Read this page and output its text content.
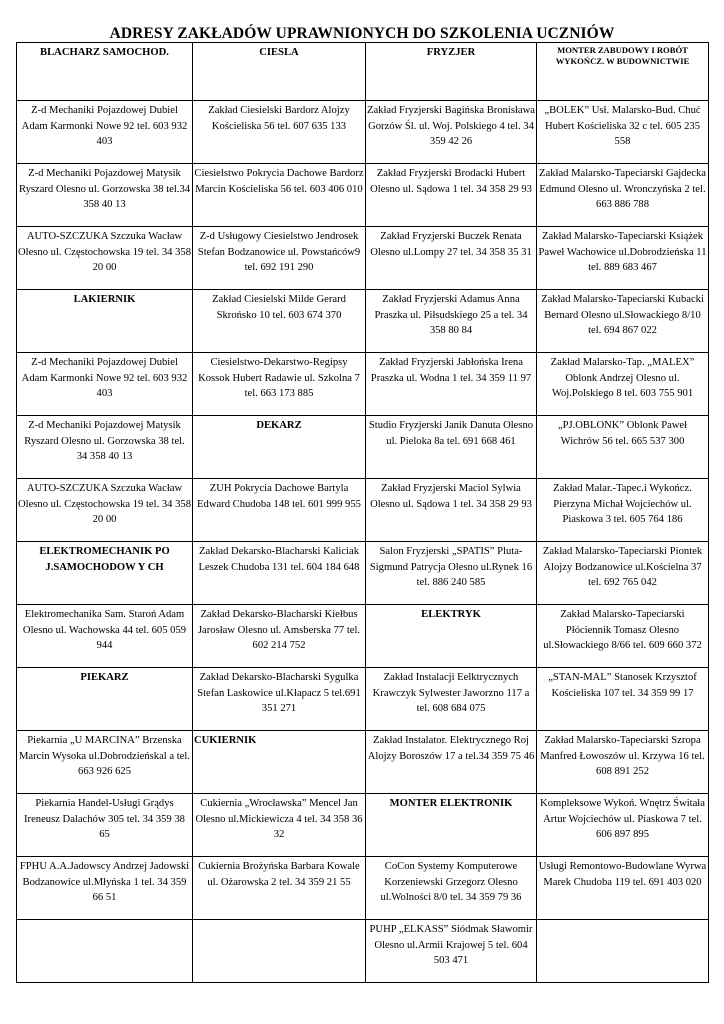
ADRESY ZAKŁADÓW UPRAWNIONYCH DO SZKOLENIA UCZNIÓW
BLACHARZ SAMOCHOD.	CIESLA	FRYZJER	MONTER ZABUDOWY I ROBÓT WYKOŃCZ. W BUDOWNICTWIE
Z-d Mechaniki Pojazdowej Dubiel Adam Karmonki Nowe 92 tel. 603 932 403	Zakład Ciesielski Bardorz Alojzy Kościeliska 56 tel. 607 635 133	Zakład Fryzjerski Bagińska Bronisława Gorzów Śl. ul. Woj. Polskiego 4 tel. 34 359 42 26	„BOLEK” Usł. Malarsko-Bud. Chuć Hubert Kościeliska 32 c tel. 605 235 558
Z-d Mechaniki Pojazdowej Matysik Ryszard Olesno ul. Gorzowska 38 tel.34 358 40 13	Ciesielstwo Pokrycia Dachowe Bardorz Marcin Kościeliska 56 tel. 603 406 010	Zakład Fryzjerski Brodacki Hubert Olesno ul. Sądowa 1 tel. 34 358 29 93	Zakład Malarsko-Tapeciarski Gajdecka Edmund Olesno ul. Wronczyńska 2 tel. 663 886 788
AUTO-SZCZUKA Szczuka Wacław Olesno ul. Częstochowska 19 tel. 34 358 20 00	Z-d Usługowy Ciesielstwo Jendrosek Stefan Bodzanowice ul. Powstańców9 tel. 692 191 290	Zakład Fryzjerski Buczek Renata Olesno ul.Lompy 27 tel. 34 358 35 31	Zakład Malarsko-Tapeciarski Książek Paweł Wachowice ul.Dobrodzieńska 11 tel. 889 683 467
LAKIERNIK	Zakład Ciesielski Milde Gerard Skrońsko 10 tel. 603 674 370	Zakład Fryzjerski Adamus Anna Praszka ul. Piłsudskiego 25 a tel. 34 358 80 84	Zakład Malarsko-Tapeciarski Kubacki Bernard Olesno ul.Słowackiego 8/10 tel. 694 867 022
Z-d Mechaniki Pojazdowej Dubiel Adam Karmonki Nowe 92 tel. 603 932 403	Ciesielstwo-Dekarstwo-Regipsy Kossok Hubert Radawie ul. Szkolna 7 tel. 663 173 885	Zakład Fryzjerski Jabłońska Irena Praszka ul. Wodna 1 tel. 34 359 11 97	Zakład Malarsko-Tap. „MALEX” Oblonk Andrzej Olesno ul. Woj.Polskiego 8 tel. 603 755 901
Z-d Mechaniki Pojazdowej Matysik Ryszard Olesno ul. Gorzowska 38 tel. 34 358 40 13	DEKARZ	Studio Fryzjerski Janik Danuta Olesno ul. Pieloka 8a tel. 691 668 461	„PJ.OBLONK” Oblonk Paweł Wichrów 56 tel. 665 537 300
AUTO-SZCZUKA Szczuka Wacław Olesno ul. Częstochowska 19 tel. 34 358 20 00	ZUH Pokrycia Dachowe Bartyla Edward Chudoba 148 tel. 601 999 955	Zakład Fryzjerski Maciol Sylwia Olesno ul. Sądowa 1 tel. 34 358 29 93	Zakład Malar.-Tapec.i Wykończ. Pierzyna Michał Wojciechów ul. Piaskowa 3 tel. 605 764 186
ELEKTROMECHANIK PO J.SAMOCHODOW Y CH	Zakład Dekarsko-Blacharski Kaliciak Leszek Chudoba 131 tel. 604 184 648	Salon Fryzjerski „SPATIS” Pluta-Sigmund Patrycja Olesno ul.Rynek 16 tel. 886 240 585	Zakład Malarsko-Tapeciarski Piontek Alojzy Bodzanowice ul.Kościelna 37 tel. 692 765 042
Elektromechanika Sam. Staroń Adam Olesno ul. Wachowska 44 tel. 605 059 944	Zakład Dekarsko-Blacharski Kiełbus Jarosław Olesno ul. Amsberska 77 tel. 602 214 752	ELEKTRYK	Zakład Malarsko-Tapeciarski Płóciennik Tomasz Olesno ul.Słowackiego 8/66 tel. 609 660 372
PIEKARZ	Zakład Dekarsko-Blacharski Sygulka Stefan Laskowice ul.Kłapacz 5 tel.691 351 271	Zakład Instalacji Eelktrycznych Krawczyk Sylwester Jaworzno 117 a tel. 608 684 075	„STAN-MAL” Stanosek Krzysztof Kościeliska 107 tel. 34 359 99 17
Piekarnia „U MARCINA” Brzenska Marcin Wysoka ul.Dobrodzieńskal a tel. 663 926 625	CUKIERNIK	Zakład Instalator. Elektrycznego Roj Alojzy Boroszów 17 a tel.34 359 75 46	Zakład Malarsko-Tapeciarski Szropa Manfred Łowoszów ul. Krzywa 16 tel. 608 891 252
Piekarnia Handel-Usługi Grądys Ireneusz Dalachów 305 tel. 34 359 38 65	Cukiernia „Wrocławska” Mencel Jan Olesno ul.Mickiewicza 4 tel. 34 358 36 32	MONTER ELEKTRONIK	Kompleksowe Wykoń. Wnętrz Świtała Artur Wojciechów ul. Piaskowa 7 tel. 606 897 895
FPHU A.A.Jadowscy Andrzej Jadowski Bodzanowice ul.Młyńska 1 tel. 34 359 66 51	Cukiernia Brożyńska Barbara Kowale ul. Ożarowska 2 tel. 34 359 21 55	CoCon Systemy Komputerowe Korzeniewski Grzegorz Olesno ul.Wolności 8/0 tel. 34 359 79 36	Usługi Remontowo-Budowlane Wyrwa Marek Chudoba 119 tel. 691 403 020
		PUHP „ELKASS” Siódmak Sławomir Olesno ul.Armii Krajowej 5 tel. 604 503 471	
